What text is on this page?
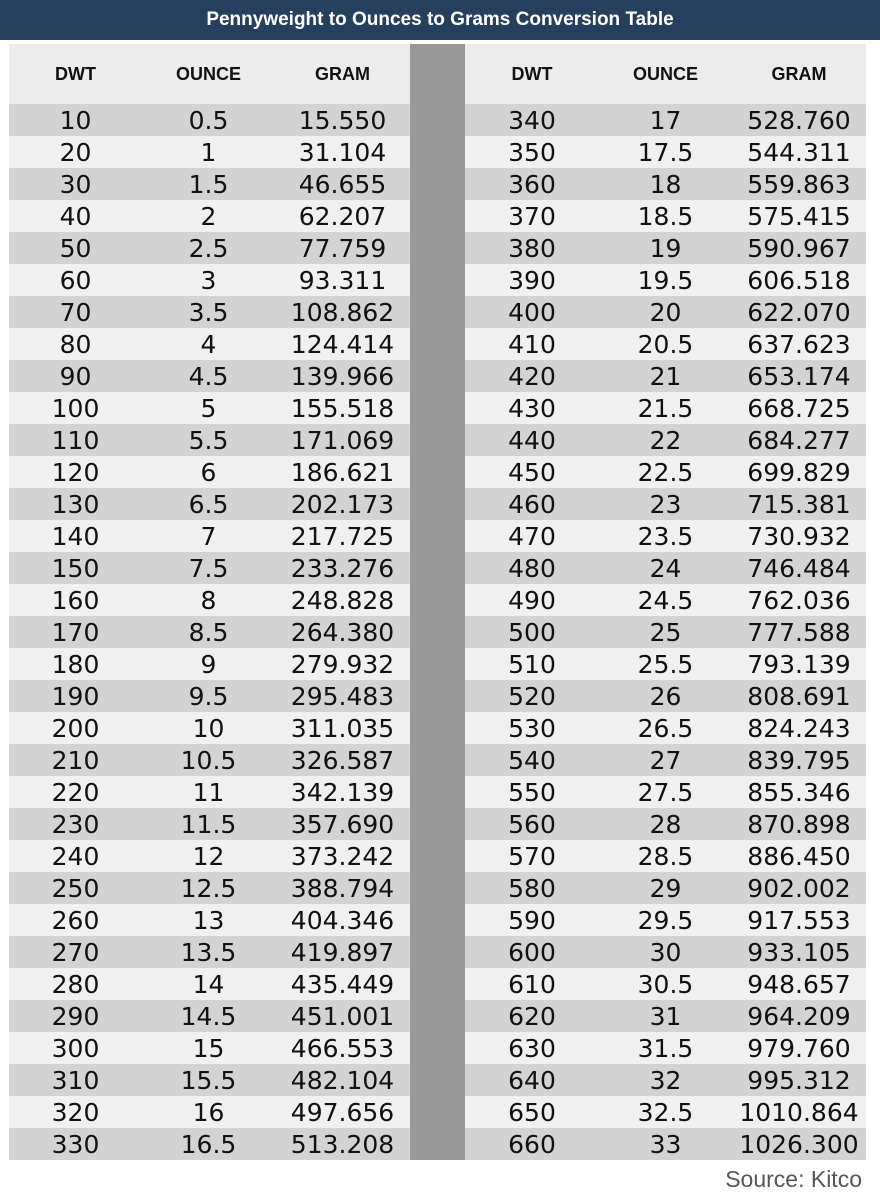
Pennyweight to Ounces to Grams Conversion Table
DWT	OUNCE	GRAM
10	0.5	15.550
20	1	31.104
30	1.5	46.655
40	2	62.207
50	2.5	77.759
60	3	93.311
70	3.5	108.862
80	4	124.414
90	4.5	139.966
100	5	155.518
110	5.5	171.069
120	6	186.621
130	6.5	202.173
140	7	217.725
150	7.5	233.276
160	8	248.828
170	8.5	264.380
180	9	279.932
190	9.5	295.483
200	10	311.035
210	10.5	326.587
220	11	342.139
230	11.5	357.690
240	12	373.242
250	12.5	388.794
260	13	404.346
270	13.5	419.897
280	14	435.449
290	14.5	451.001
300	15	466.553
310	15.5	482.104
320	16	497.656
330	16.5	513.208
DWT	OUNCE	GRAM
340	17	528.760
350	17.5	544.311
360	18	559.863
370	18.5	575.415
380	19	590.967
390	19.5	606.518
400	20	622.070
410	20.5	637.623
420	21	653.174
430	21.5	668.725
440	22	684.277
450	22.5	699.829
460	23	715.381
470	23.5	730.932
480	24	746.484
490	24.5	762.036
500	25	777.588
510	25.5	793.139
520	26	808.691
530	26.5	824.243
540	27	839.795
550	27.5	855.346
560	28	870.898
570	28.5	886.450
580	29	902.002
590	29.5	917.553
600	30	933.105
610	30.5	948.657
620	31	964.209
630	31.5	979.760
640	32	995.312
650	32.5	1010.864
660	33	1026.300
Source: Kitco
